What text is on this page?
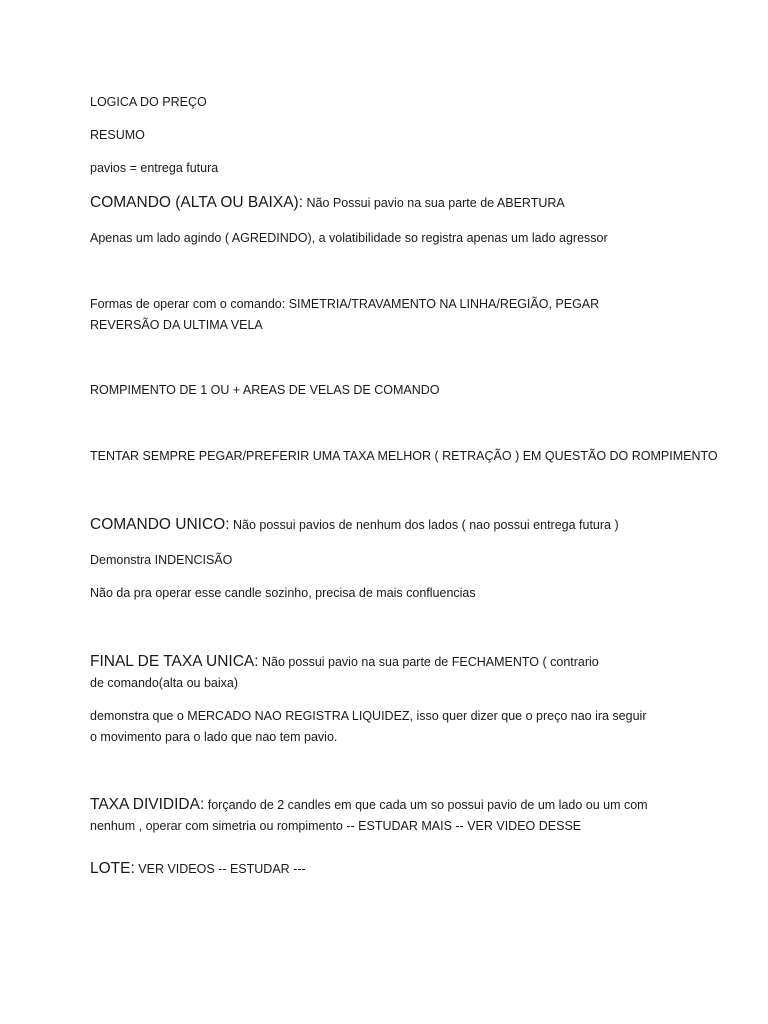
LOGICA DO PREÇO

RESUMO

pavios = entrega futura

COMANDO (ALTA OU BAIXA): Não Possui pavio na sua parte de ABERTURA

Apenas um lado agindo ( AGREDINDO), a volatibilidade so registra apenas um lado agressor

Formas de operar com o comando: SIMETRIA/TRAVAMENTO NA LINHA/REGIÃO, PEGAR REVERSÃO DA ULTIMA VELA

ROMPIMENTO DE 1 OU + AREAS DE VELAS DE COMANDO

TENTAR SEMPRE PEGAR/PREFERIR UMA TAXA MELHOR ( RETRAÇÃO ) EM QUESTÃO DO ROMPIMENTO

COMANDO UNICO: Não possui pavios de nenhum dos lados ( nao possui entrega futura )

Demonstra INDENCISÃO

Não da pra operar esse candle sozinho, precisa de mais confluencias

FINAL DE TAXA UNICA: Não possui pavio na sua parte de FECHAMENTO ( contrario de comando(alta ou baixa)

demonstra que o MERCADO NAO REGISTRA LIQUIDEZ, isso quer dizer que o preço nao ira seguir o movimento para o lado que nao tem pavio.

TAXA DIVIDIDA: forçando de 2 candles em que cada um so possui pavio de um lado ou um com nenhum , operar com simetria ou rompimento -- ESTUDAR MAIS -- VER VIDEO DESSE

LOTE: VER VIDEOS -- ESTUDAR ---
